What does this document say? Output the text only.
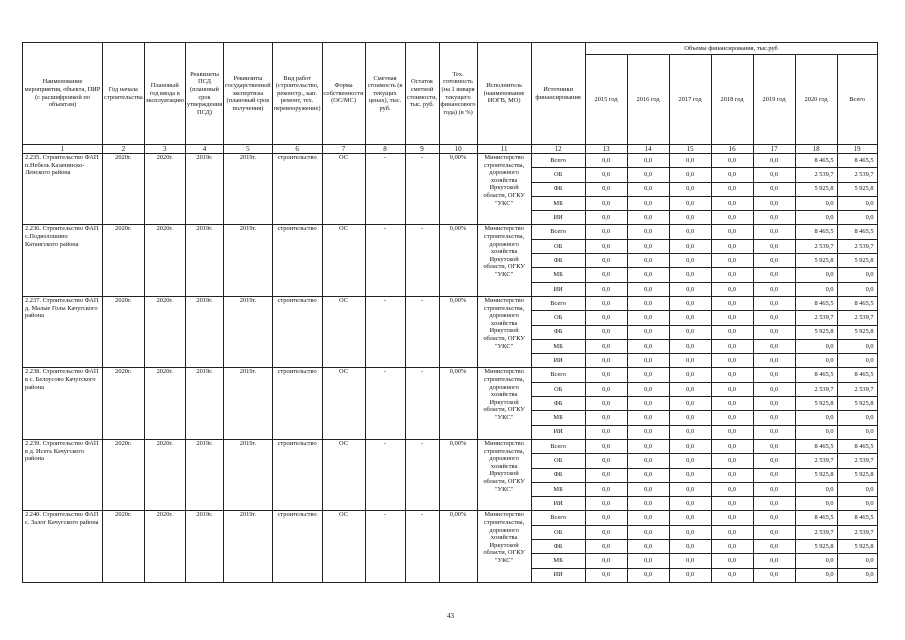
Наименование мероприятия, объекта, ПИР (с расшифровкой по объектам)	Год начала строительства	Плановый год ввода в эксплуатацию	Реквизиты ПСД (плановый срок утверждения ПСД)	Реквизиты государственной экспертизы (плановый срок получения)	Вид работ (строительство, реконстр., кап. ремонт, тех. перевооружение)	Форма собственности (ОС/МС)	Сметная стоимость (в текущих ценах), тыс. руб.	Остаток сметной стоимости, тыс. руб.	Тех. готовность (на 1 января текущего финансового года) (в %)	Исполнитель (наименование ИОГВ, МО)	Источники финансирования	Объемы финансирования, тыс.руб						
												2015 год	2016 год	2017 год	2018 год	2019 год	2020 год	Всего
1	2	3	4	5	6	7	8	9	10	11	12	13	14	15	16	17	18	19
2.235. Строительство ФАП п.Небель Казачинско-Ленского района	2020г.	2020г.	2019г.	2019г.	строительство	ОС	-	-	0,00%	Министерство строительства, дорожного хозяйства Иркутской области, ОГКУ "УКС"	Всего	0,0	0,0	0,0	0,0	0,0	8 465,5	8 465,5
											ОБ	0,0	0,0	0,0	0,0	0,0	2 539,7	2 539,7
											ФБ	0,0	0,0	0,0	0,0	0,0	5 925,8	5 925,8
											МБ	0,0	0,0	0,0	0,0	0,0	0,0	0,0
											ИИ	0,0	0,0	0,0	0,0	0,0	0,0	0,0
2.236. Строительство ФАП с.Подволошино Катангского района	2020г.	2020г.	2019г.	2019г.	строительство	ОС	-	-	0,00%	Министерство строительства, дорожного хозяйства Иркутской области, ОГКУ "УКС"	Всего	0,0	0,0	0,0	0,0	0,0	8 465,5	8 465,5
											ОБ	0,0	0,0	0,0	0,0	0,0	2 539,7	2 539,7
											ФБ	0,0	0,0	0,0	0,0	0,0	5 925,8	5 925,8
											МБ	0,0	0,0	0,0	0,0	0,0	0,0	0,0
											ИИ	0,0	0,0	0,0	0,0	0,0	0,0	0,0
2.237. Строительство ФАП д. Малые Голы Качугского района	2020г.	2020г.	2019г.	2019г.	строительство	ОС	-	-	0,00%	Министерство строительства, дорожного хозяйства Иркутской области, ОГКУ "УКС"	Всего	0,0	0,0	0,0	0,0	0,0	8 465,5	8 465,5
											ОБ	0,0	0,0	0,0	0,0	0,0	2 539,7	2 539,7
											ФБ	0,0	0,0	0,0	0,0	0,0	5 925,8	5 925,8
											МБ	0,0	0,0	0,0	0,0	0,0	0,0	0,0
											ИИ	0,0	0,0	0,0	0,0	0,0	0,0	0,0
2.238. Строительство ФАП в с. Белоусово Качугского района	2020г.	2020г.	2019г.	2019г.	строительство	ОС	-	-	0,00%	Министерство строительства, дорожного хозяйства Иркутской области, ОГКУ "УКС"	Всего	0,0	0,0	0,0	0,0	0,0	8 465,5	8 465,5
											ОБ	0,0	0,0	0,0	0,0	0,0	2 539,7	2 539,7
											ФБ	0,0	0,0	0,0	0,0	0,0	5 925,8	5 925,8
											МБ	0,0	0,0	0,0	0,0	0,0	0,0	0,0
											ИИ	0,0	0,0	0,0	0,0	0,0	0,0	0,0
2.239. Строительство ФАП в д. Исеть Качугского района	2020г.	2020г.	2019г.	2019г.	строительство	ОС	-	-	0,00%	Министерство строительства, дорожного хозяйства Иркутской области, ОГКУ "УКС"	Всего	0,0	0,0	0,0	0,0	0,0	8 465,5	8 465,5
											ОБ	0,0	0,0	0,0	0,0	0,0	2 539,7	2 539,7
											ФБ	0,0	0,0	0,0	0,0	0,0	5 925,8	5 925,8
											МБ	0,0	0,0	0,0	0,0	0,0	0,0	0,0
											ИИ	0,0	0,0	0,0	0,0	0,0	0,0	0,0
2.240. Строительство ФАП с. Залог Качугского района	2020г.	2020г.	2019г.	2019г.	строительство	ОС	-	-	0,00%	Министерство строительства, дорожного хозяйства Иркутской области, ОГКУ "УКС"	Всего	0,0	0,0	0,0	0,0	0,0	8 465,5	8 465,5
											ОБ	0,0	0,0	0,0	0,0	0,0	2 539,7	2 539,7
											ФБ	0,0	0,0	0,0	0,0	0,0	5 925,8	5 925,8
											МБ	0,0	0,0	0,0	0,0	0,0	0,0	0,0
											ИИ	0,0	0,0	0,0	0,0	0,0	0,0	0,0
43
